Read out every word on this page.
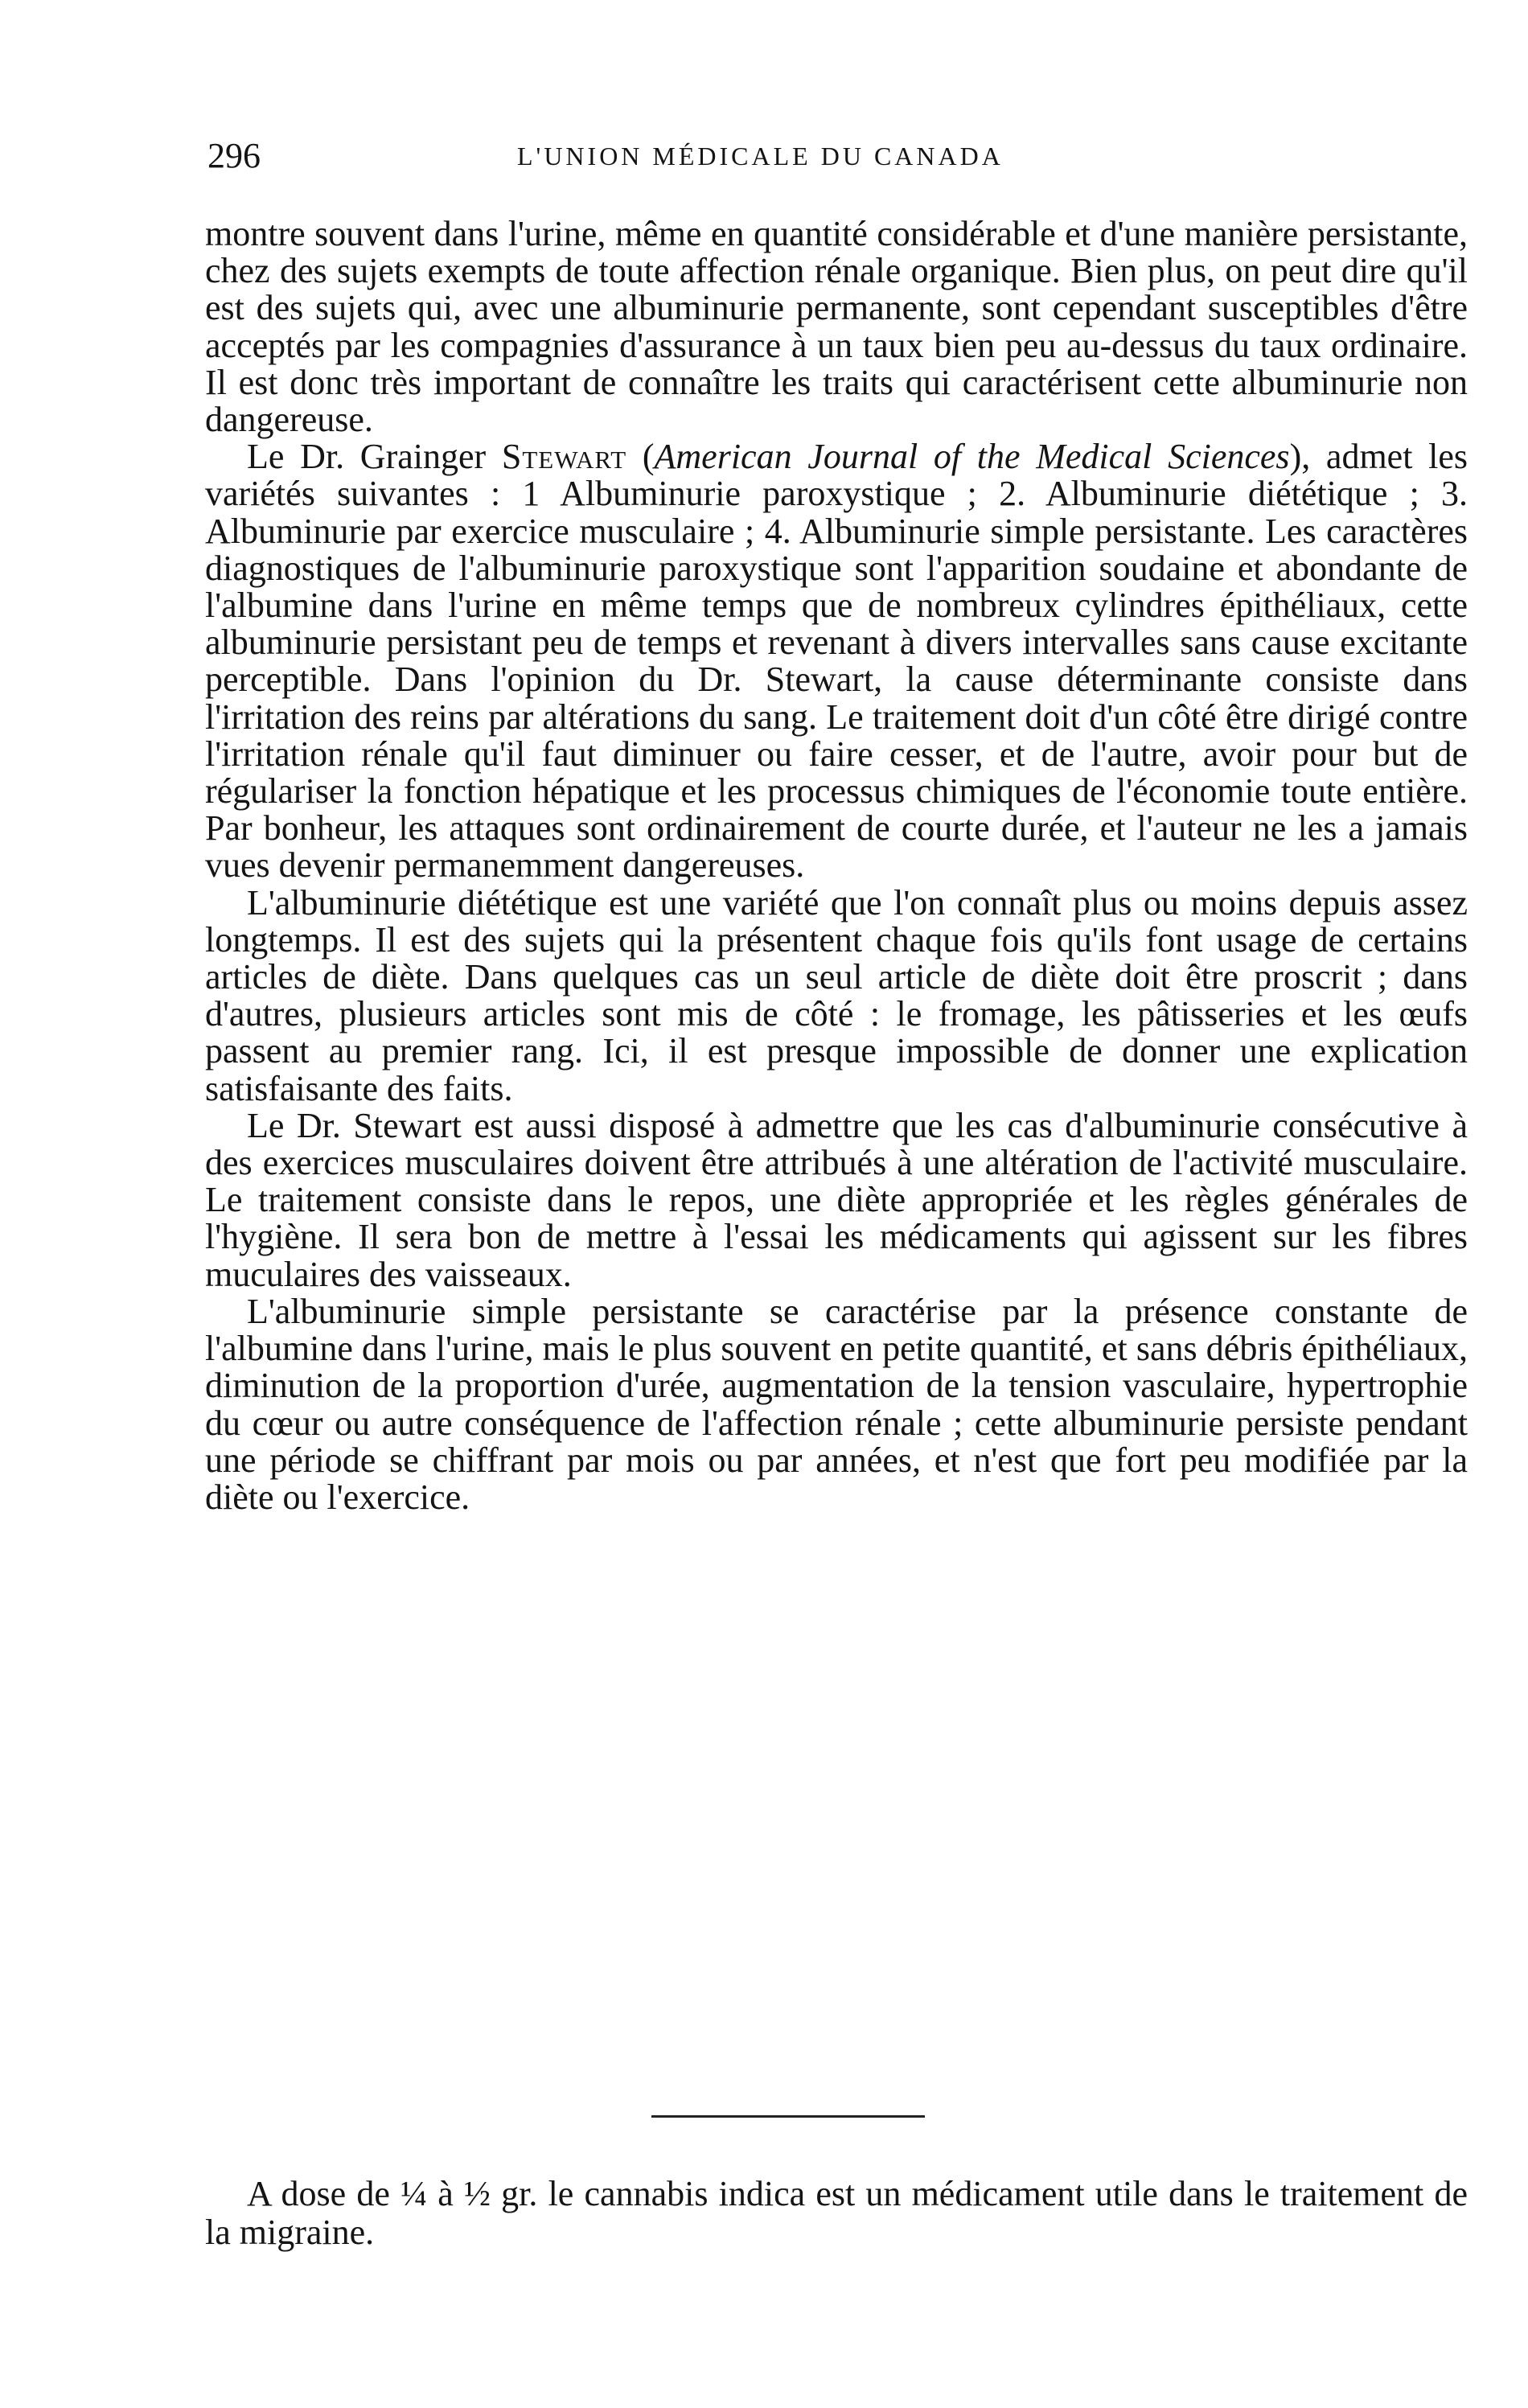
296	L'UNION MÉDICALE DU CANADA

montre souvent dans l'urine, même en quantité considérable et d'une manière persistante, chez des sujets exempts de toute affection rénale organique. Bien plus, on peut dire qu'il est des sujets qui, avec une albuminurie permanente, sont cependant susceptibles d'être acceptés par les compagnies d'assurance à un taux bien peu au-dessus du taux ordinaire. Il est donc très important de connaître les traits qui caractérisent cette albuminurie non dangereuse.

Le Dr. Grainger Stewart (American Journal of the Medical Sciences), admet les variétés suivantes : 1 Albuminurie paroxystique ; 2. Albuminurie diététique ; 3. Albuminurie par exercice musculaire ; 4. Albuminurie simple persistante. Les caractères diagnostiques de l'albuminurie paroxystique sont l'apparition soudaine et abondante de l'albumine dans l'urine en même temps que de nombreux cylindres épithéliaux, cette albuminurie persistant peu de temps et revenant à divers intervalles sans cause excitante perceptible. Dans l'opinion du Dr. Stewart, la cause déterminante consiste dans l'irritation des reins par altérations du sang. Le traitement doit d'un côté être dirigé contre l'irritation rénale qu'il faut diminuer ou faire cesser, et de l'autre, avoir pour but de régulariser la fonction hépatique et les processus chimiques de l'économie toute entière. Par bonheur, les attaques sont ordinairement de courte durée, et l'auteur ne les a jamais vues devenir permanemment dangereuses.

L'albuminurie diététique est une variété que l'on connaît plus ou moins depuis assez longtemps. Il est des sujets qui la présentent chaque fois qu'ils font usage de certains articles de diète. Dans quelques cas un seul article de diète doit être proscrit ; dans d'autres, plusieurs articles sont mis de côté : le fromage, les pâtisseries et les œufs passent au premier rang. Ici, il est presque impossible de donner une explication satisfaisante des faits.

Le Dr. Stewart est aussi disposé à admettre que les cas d'albuminurie consécutive à des exercices musculaires doivent être attribués à une altération de l'activité musculaire. Le traitement consiste dans le repos, une diète appropriée et les règles générales de l'hygiène. Il sera bon de mettre à l'essai les médicaments qui agissent sur les fibres muculaires des vaisseaux.

L'albuminurie simple persistante se caractérise par la présence constante de l'albumine dans l'urine, mais le plus souvent en petite quantité, et sans débris épithéliaux, diminution de la proportion d'urée, augmentation de la tension vasculaire, hypertrophie du cœur ou autre conséquence de l'affection rénale ; cette albuminurie persiste pendant une période se chiffrant par mois ou par années, et n'est que fort peu modifiée par la diète ou l'exercice.

A dose de ¼ à ½ gr. le cannabis indica est un médicament utile dans le traitement de la migraine.
